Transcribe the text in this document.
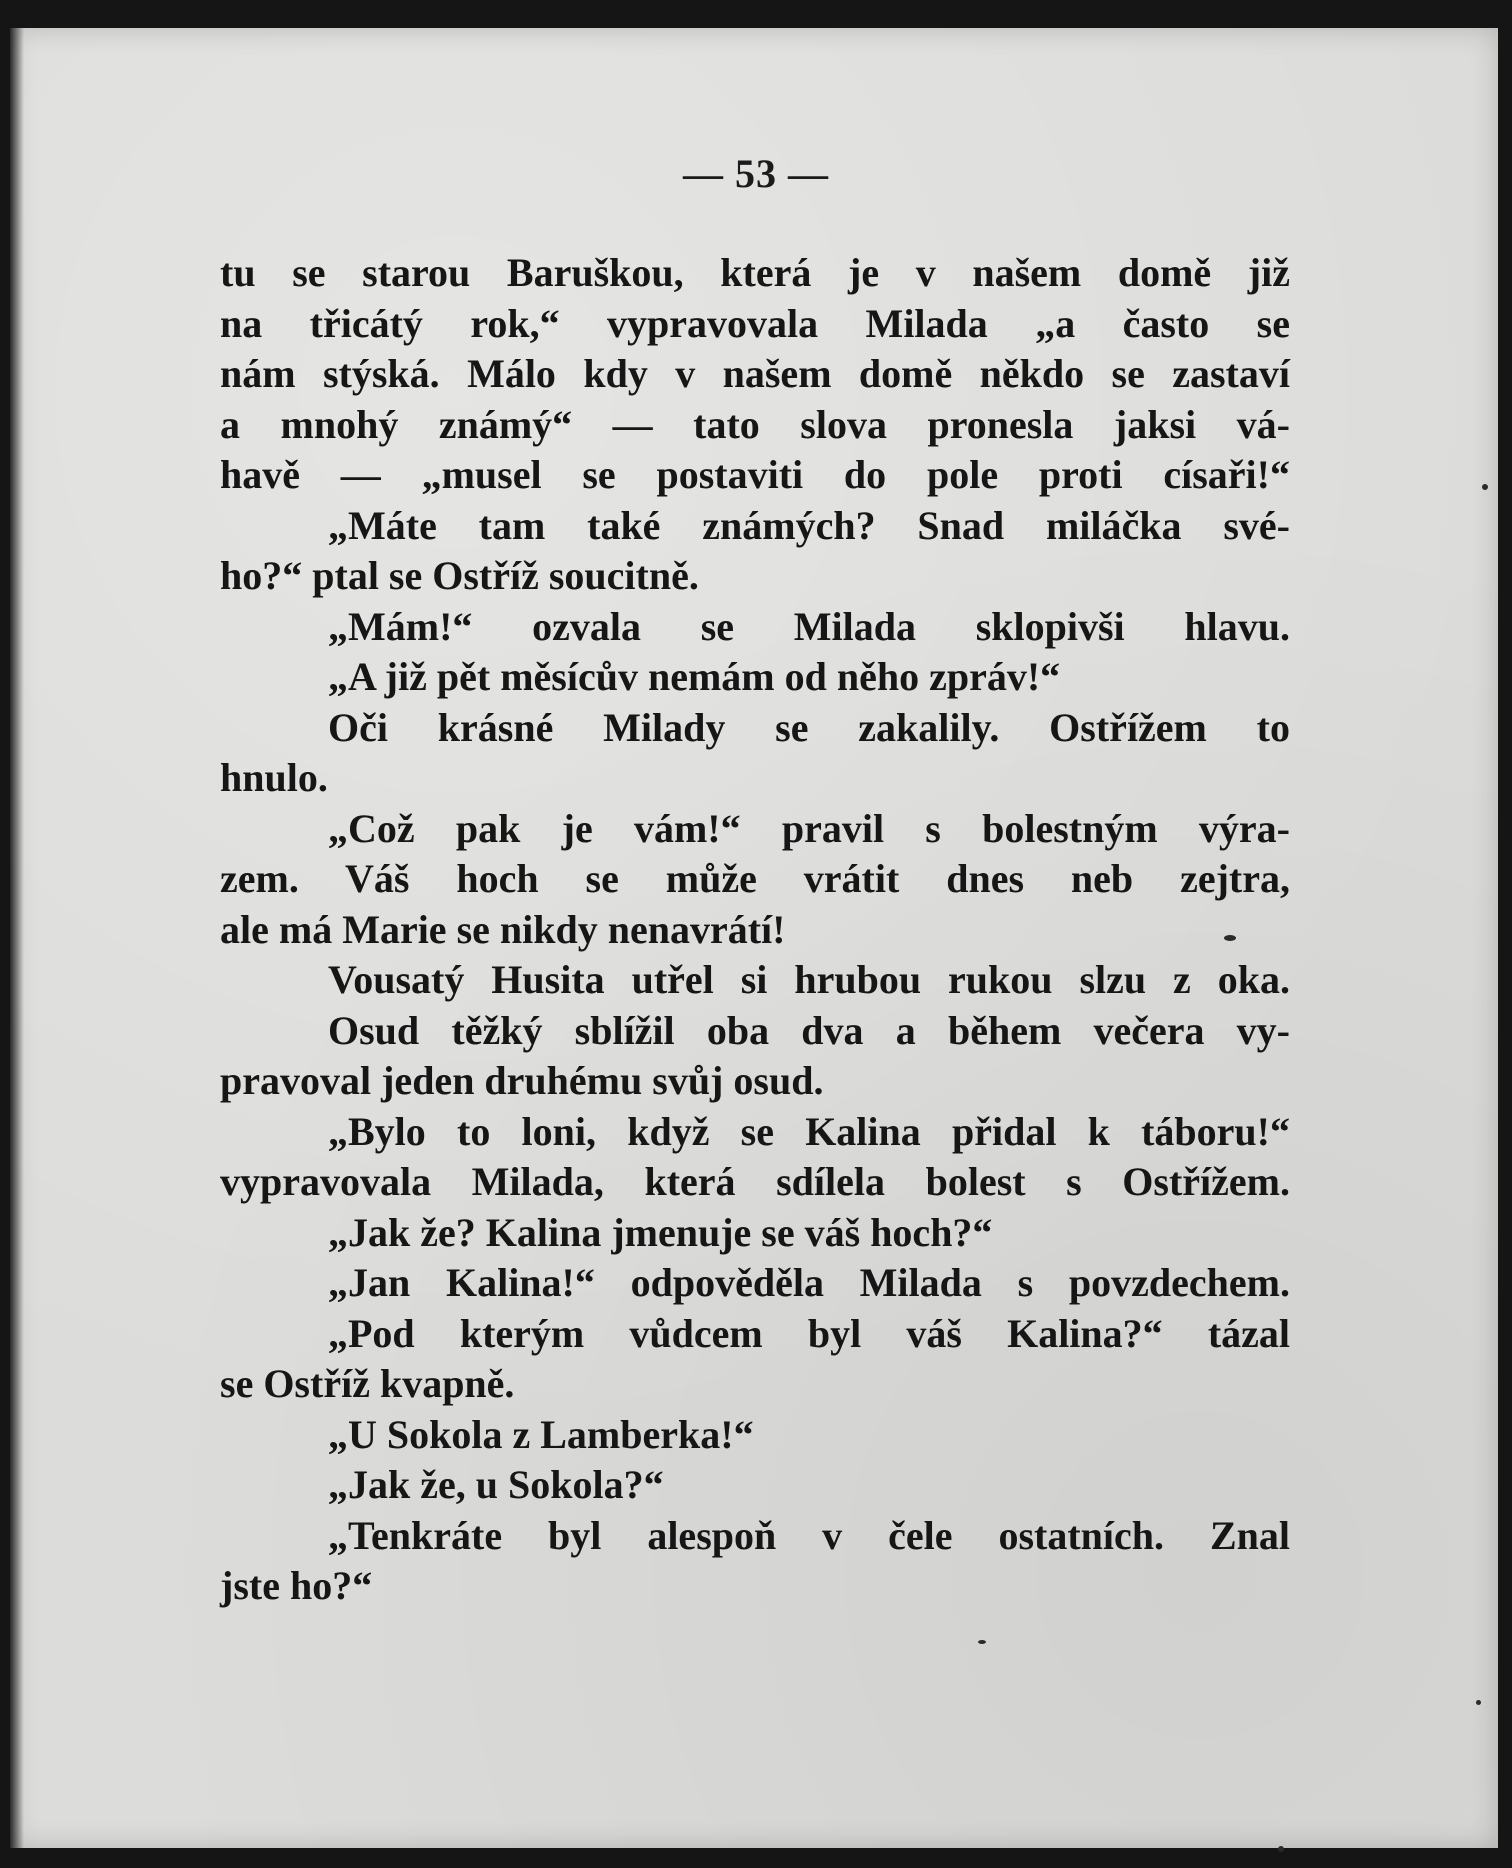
— 53 —
tu se starou Baruškou, která je v našem domě již
na třicátý rok,“ vypravovala Milada „a často se
nám stýská. Málo kdy v našem domě někdo se zastaví
a mnohý známý“ — tato slova pronesla jaksi vá-
havě — „musel se postaviti do pole proti císaři!“
„Máte tam také známých? Snad miláčka své-
ho?“ ptal se Ostříž soucitně.
„Mám!“ ozvala se Milada sklopivši hlavu.
„A již pět měsícův nemám od něho zpráv!“
Oči krásné Milady se zakalily. Ostřížem to
hnulo.
„Což pak je vám!“ pravil s bolestným výra-
zem. Váš hoch se může vrátit dnes neb zejtra,
ale má Marie se nikdy nenavrátí!
Vousatý Husita utřel si hrubou rukou slzu z oka.
Osud těžký sblížil oba dva a během večera vy-
pravoval jeden druhému svůj osud.
„Bylo to loni, když se Kalina přidal k táboru!“
vypravovala Milada, která sdílela bolest s Ostřížem.
„Jak že? Kalina jmenuje se váš hoch?“
„Jan Kalina!“ odpověděla Milada s povzdechem.
„Pod kterým vůdcem byl váš Kalina?“ tázal
se Ostříž kvapně.
„U Sokola z Lamberka!“
„Jak že, u Sokola?“
„Tenkráte byl alespoň v čele ostatních. Znal
jste ho?“
